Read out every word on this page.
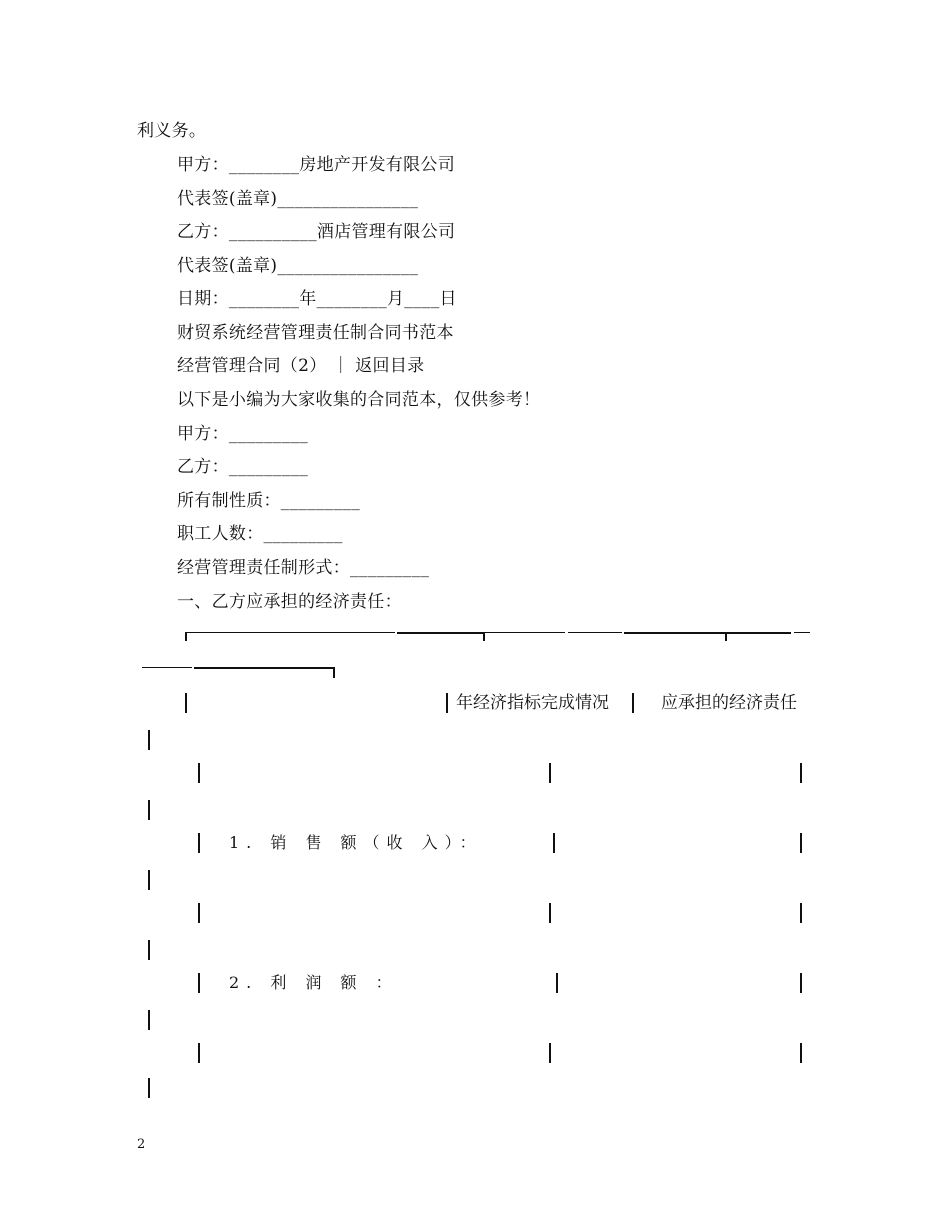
利义务。
甲方：________房地产开发有限公司
代表签(盖章)________________
乙方：__________酒店管理有限公司
代表签(盖章)________________
日期：________年________月____日
财贸系统经营管理责任制合同书范本
经营管理合同（2） ｜ 返回目录
以下是小编为大家收集的合同范本，仅供参考！
甲方：_________
乙方：_________
所有制性质：_________
职工人数：_________
经营管理责任制形式：_________
一、乙方应承担的经济责任：
年经济指标完成情况	应承担的经济责任
1. 销 售 额（收 入）：
2. 利 润 额 ：
2
